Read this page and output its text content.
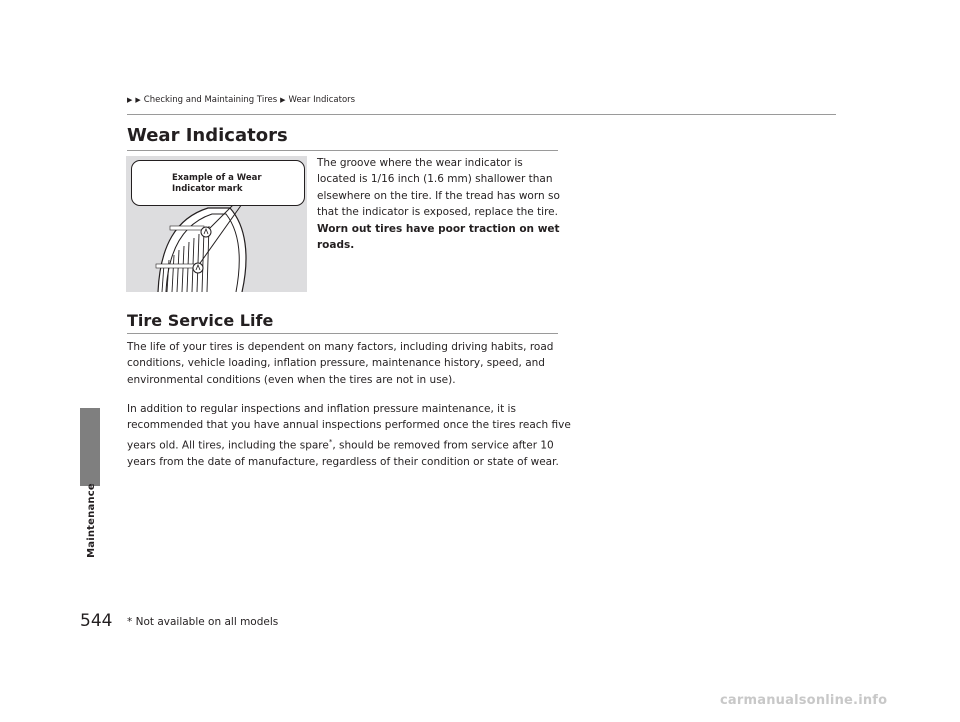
Maintenance
▶ ▶ Checking and Maintaining Tires ▶ Wear Indicators
Wear Indicators
Example of a Wear Indicator mark

The groove where the wear indicator is located is 1/16 inch (1.6 mm) shallower than elsewhere on the tire. If the tread has worn so that the indicator is exposed, replace the tire. Worn out tires have poor traction on wet roads.

Tire Service Life

The life of your tires is dependent on many factors, including driving habits, road conditions, vehicle loading, inflation pressure, maintenance history, speed, and environmental conditions (even when the tires are not in use).

In addition to regular inspections and inflation pressure maintenance, it is recommended that you have annual inspections performed once the tires reach five years old. All tires, including the spare*, should be removed from service after 10 years from the date of manufacture, regardless of their condition or state of wear.

544 * Not available on all models
carmanualsonline.info
